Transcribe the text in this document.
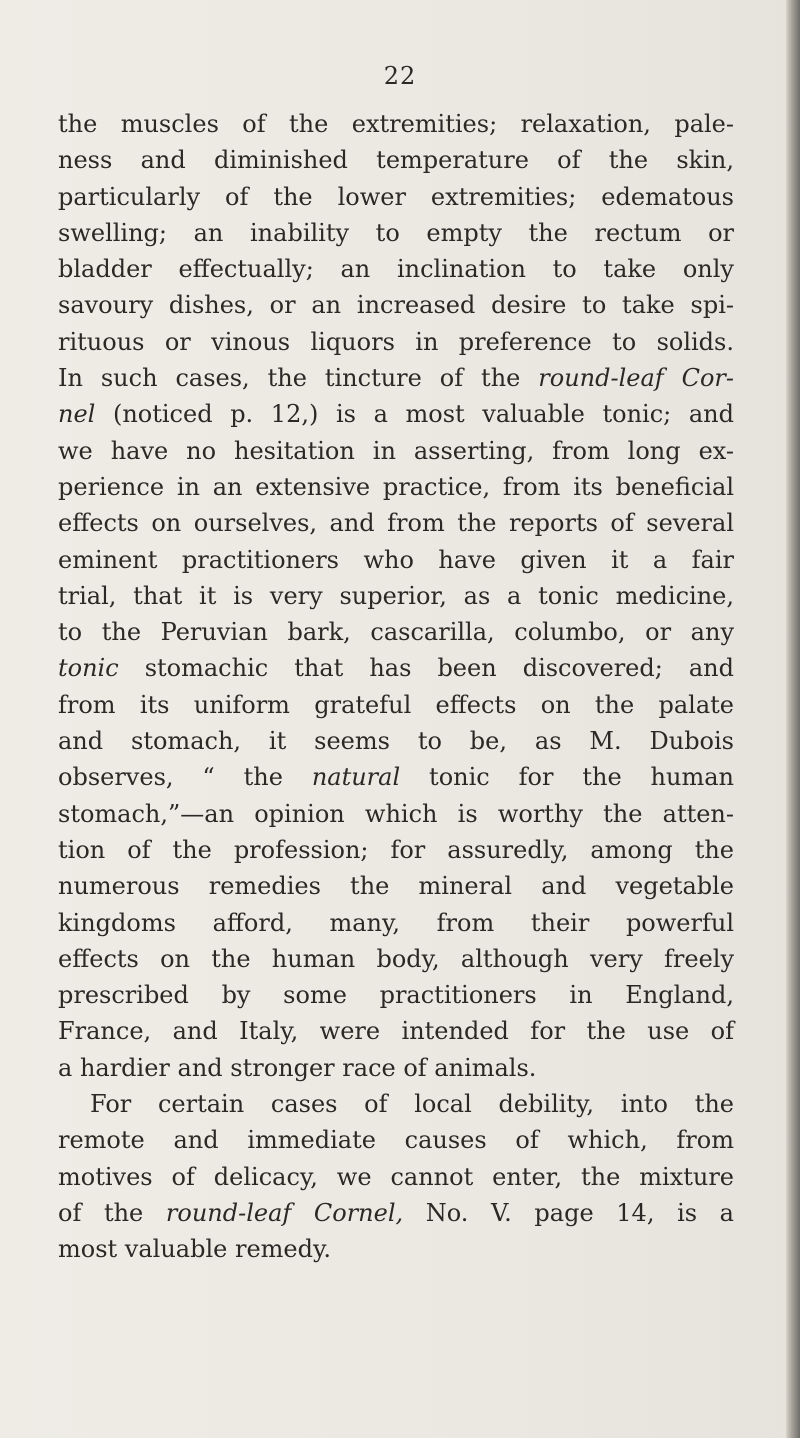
22
the muscles of the extremities; relaxation, pale-
ness and diminished temperature of the skin,
particularly of the lower extremities; edematous
swelling; an inability to empty the rectum or
bladder effectually; an inclination to take only
savoury dishes, or an increased desire to take spi-
rituous or vinous liquors in preference to solids.
In such cases, the tincture of the round-leaf Cor-
nel (noticed p. 12,) is a most valuable tonic; and
we have no hesitation in asserting, from long ex-
perience in an extensive practice, from its beneficial
effects on ourselves, and from the reports of several
eminent practitioners who have given it a fair
trial, that it is very superior, as a tonic medicine,
to the Peruvian bark, cascarilla, columbo, or any
tonic stomachic that has been discovered; and
from its uniform grateful effects on the palate
and stomach, it seems to be, as M. Dubois
observes, “ the natural tonic for the human
stomach,”—an opinion which is worthy the atten-
tion of the profession; for assuredly, among the
numerous remedies the mineral and vegetable
kingdoms afford, many, from their powerful
effects on the human body, although very freely
prescribed by some practitioners in England,
France, and Italy, were intended for the use of
a hardier and stronger race of animals.
For certain cases of local debility, into the
remote and immediate causes of which, from
motives of delicacy, we cannot enter, the mixture
of the round-leaf Cornel, No. V. page 14, is a
most valuable remedy.
